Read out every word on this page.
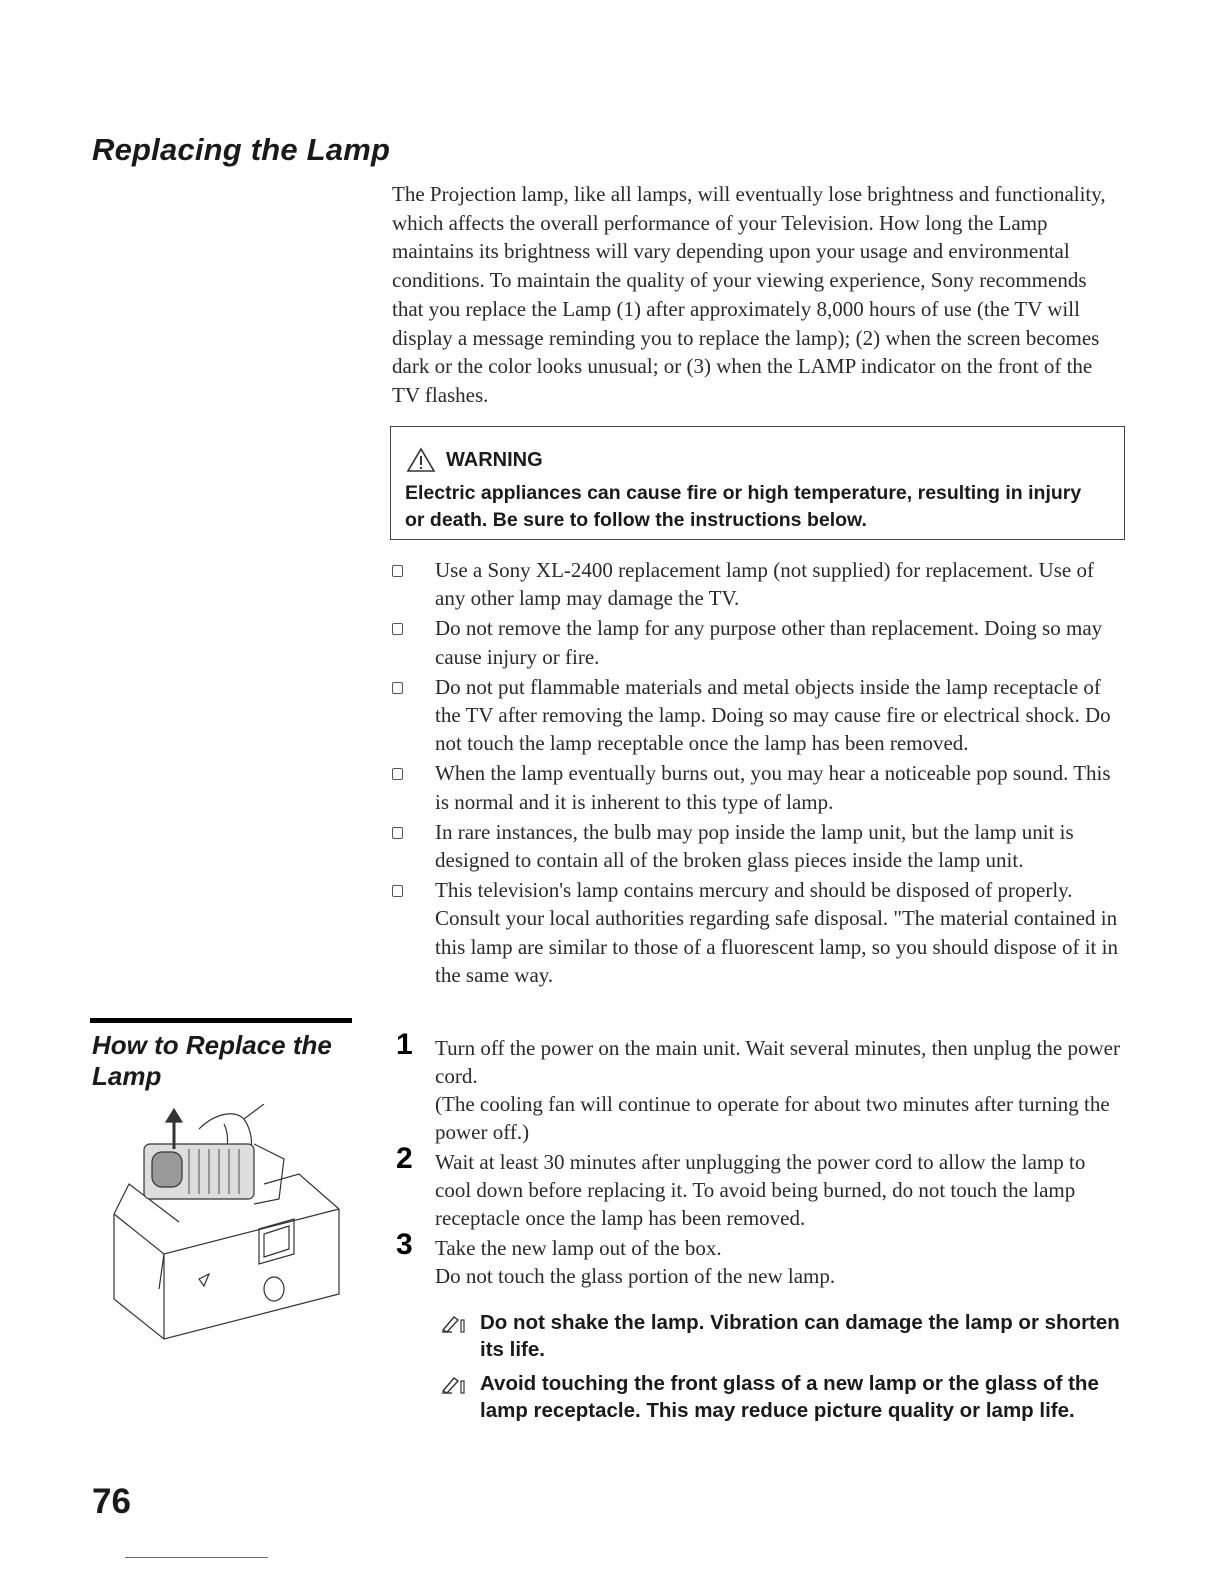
Replacing the Lamp

The Projection lamp, like all lamps, will eventually lose brightness and functionality, which affects the overall performance of your Television. How long the Lamp maintains its brightness will vary depending upon your usage and environmental conditions. To maintain the quality of your viewing experience, Sony recommends that you replace the Lamp (1) after approximately 8,000 hours of use (the TV will display a message reminding you to replace the lamp); (2) when the screen becomes dark or the color looks unusual; or (3) when the LAMP indicator on the front of the TV flashes.

WARNING
Electric appliances can cause fire or high temperature, resulting in injury or death. Be sure to follow the instructions below.
Use a Sony XL-2400 replacement lamp (not supplied) for replacement. Use of any other lamp may damage the TV.
Do not remove the lamp for any purpose other than replacement. Doing so may cause injury or fire.
Do not put flammable materials and metal objects inside the lamp receptacle of the TV after removing the lamp. Doing so may cause fire or electrical shock. Do not touch the lamp receptable once the lamp has been removed.
When the lamp eventually burns out, you may hear a noticeable pop sound. This is normal and it is inherent to this type of lamp.
In rare instances, the bulb may pop inside the lamp unit, but the lamp unit is designed to contain all of the broken glass pieces inside the lamp unit.
This television's lamp contains mercury and should be disposed of properly. Consult your local authorities regarding safe disposal. "The material contained in this lamp are similar to those of a fluorescent lamp, so you should dispose of it in the same way.
How to Replace the Lamp
1 Turn off the power on the main unit. Wait several minutes, then unplug the power cord.

(The cooling fan will continue to operate for about two minutes after turning the power off.)

2 Wait at least 30 minutes after unplugging the power cord to allow the lamp to cool down before replacing it. To avoid being burned, do not touch the lamp receptacle once the lamp has been removed.

3 Take the new lamp out of the box.

Do not touch the glass portion of the new lamp.

Do not shake the lamp. Vibration can damage the lamp or shorten its life.
Avoid touching the front glass of a new lamp or the glass of the lamp receptacle. This may reduce picture quality or lamp life.
76
